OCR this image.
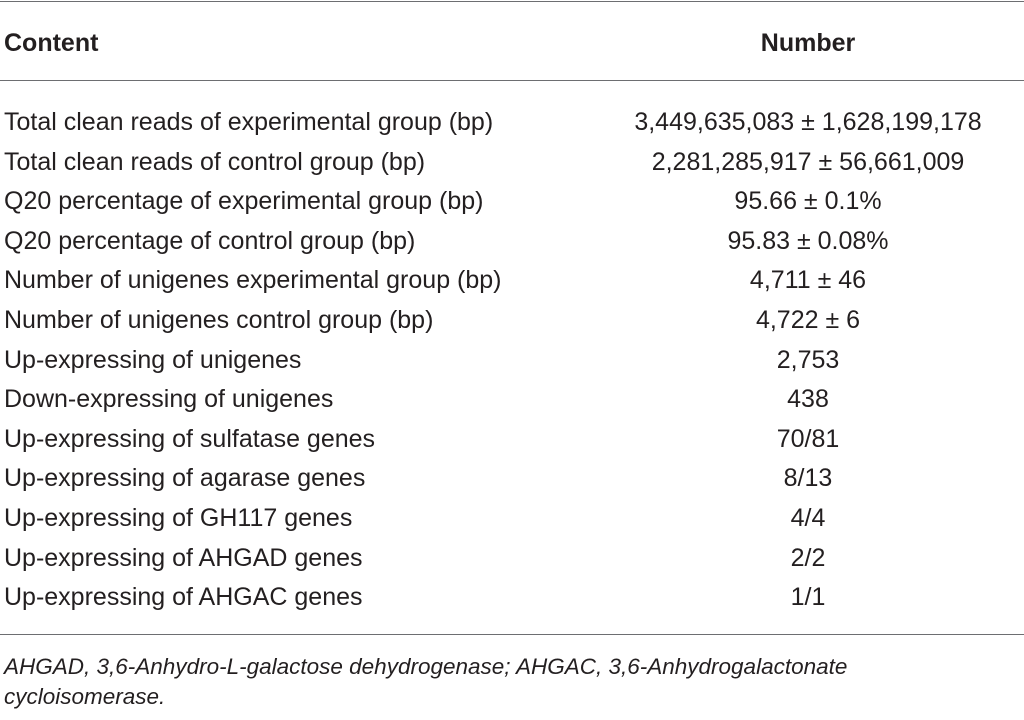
Content	Number
Total clean reads of experimental group (bp)	3,449,635,083 ± 1,628,199,178
Total clean reads of control group (bp)	2,281,285,917 ± 56,661,009
Q20 percentage of experimental group (bp)	95.66 ± 0.1%
Q20 percentage of control group (bp)	95.83 ± 0.08%
Number of unigenes experimental group (bp)	4,711 ± 46
Number of unigenes control group (bp)	4,722 ± 6
Up-expressing of unigenes	2,753
Down-expressing of unigenes	438
Up-expressing of sulfatase genes	70/81
Up-expressing of agarase genes	8/13
Up-expressing of GH117 genes	4/4
Up-expressing of AHGAD genes	2/2
Up-expressing of AHGAC genes	1/1
AHGAD, 3,6-Anhydro-L-galactose dehydrogenase; AHGAC, 3,6-Anhydrogalactonate cycloisomerase.
